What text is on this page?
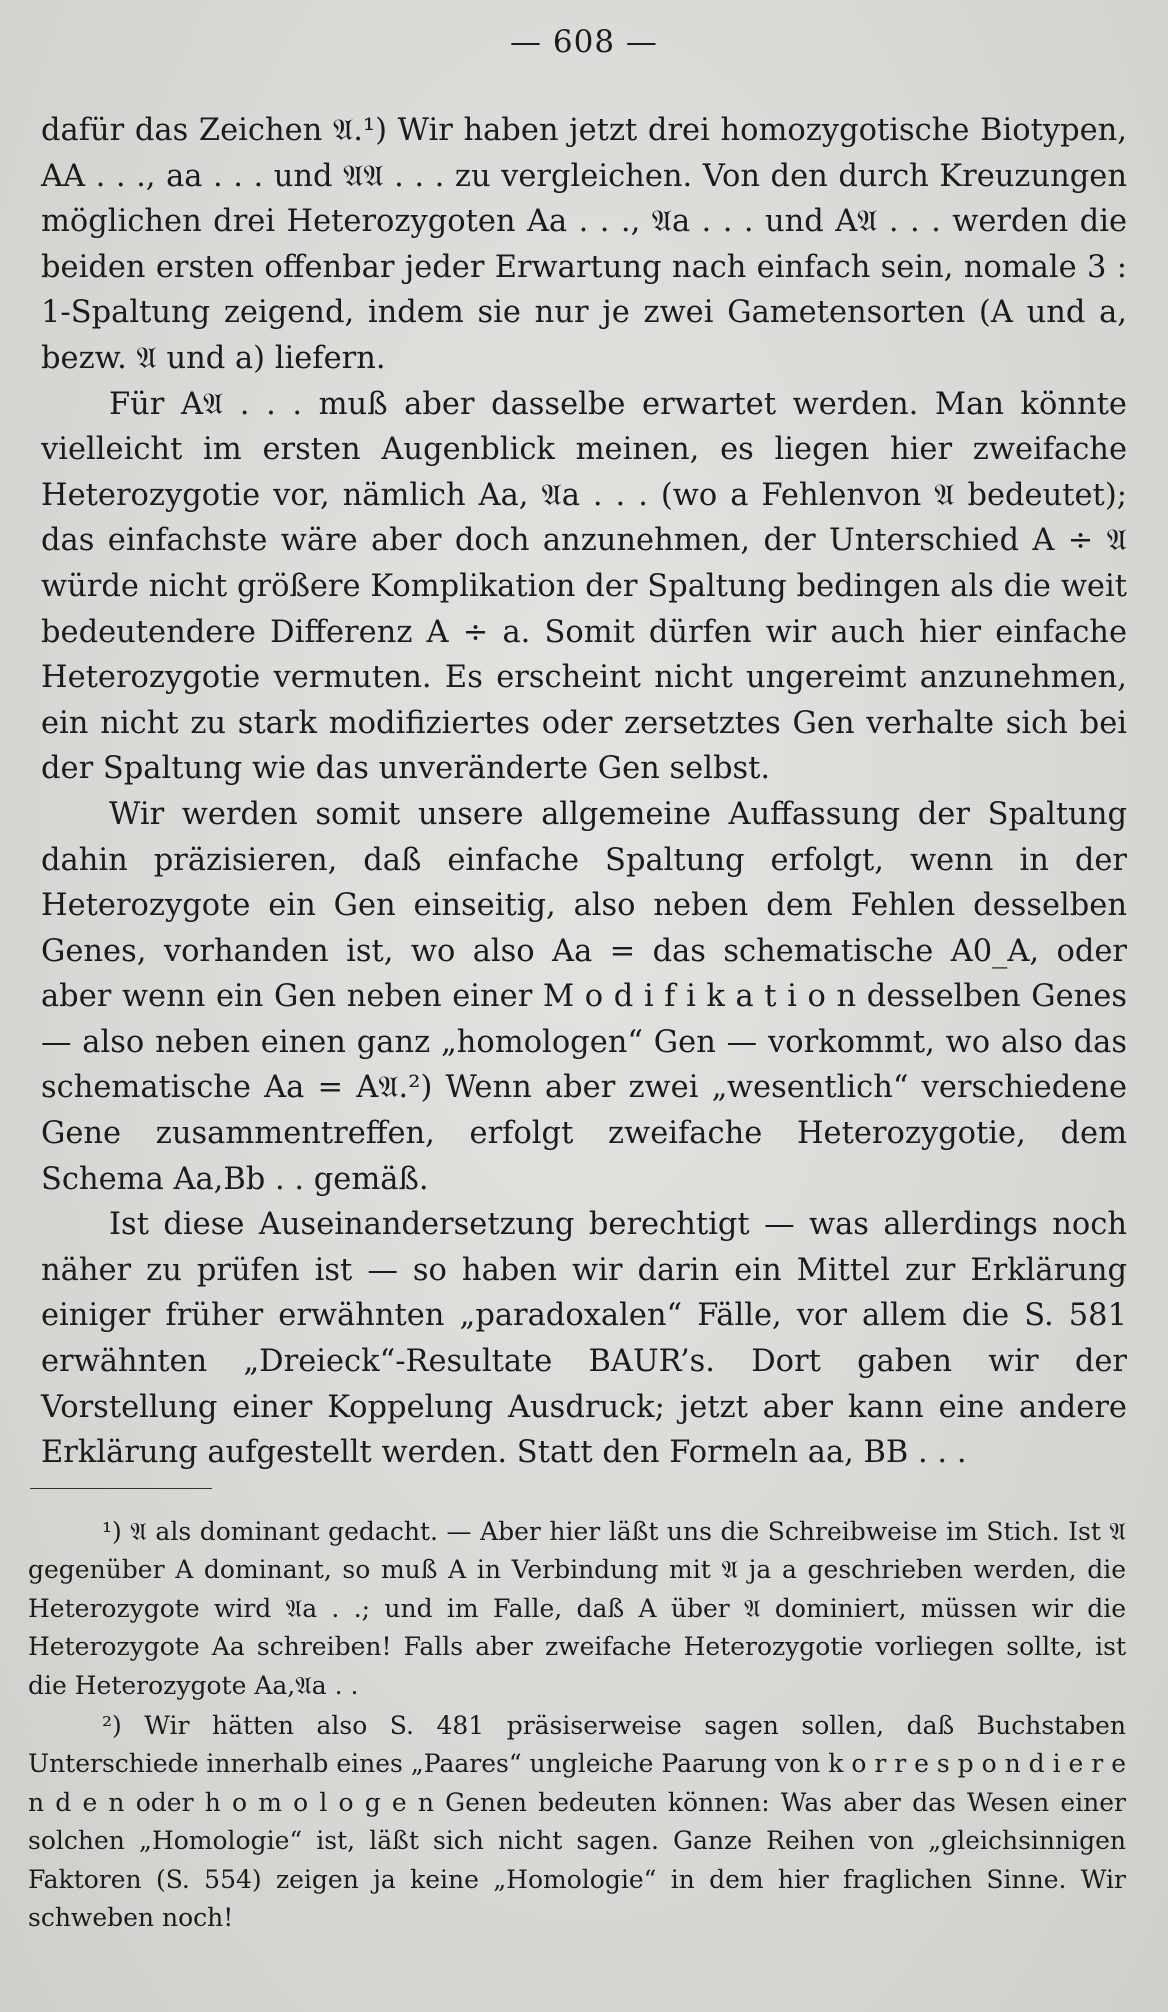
— 608 —

dafür das Zeichen 𝔄.¹) Wir haben jetzt drei homozygotische Biotypen, AA . . ., aa . . . und 𝔄𝔄 . . . zu vergleichen. Von den durch Kreuzungen möglichen drei Heterozygoten Aa . . ., 𝔄a . . . und A𝔄 . . . werden die beiden ersten offenbar jeder Erwartung nach einfach sein, nomale 3 : 1-Spaltung zeigend, indem sie nur je zwei Gametensorten (A und a, bezw. 𝔄 und a) liefern.

Für A𝔄 . . . muß aber dasselbe erwartet werden. Man könnte vielleicht im ersten Augenblick meinen, es liegen hier zweifache Heterozygotie vor, nämlich Aa, 𝔄a . . . (wo a Fehlenvon 𝔄 bedeutet); das einfachste wäre aber doch anzunehmen, der Unterschied A ÷ 𝔄 würde nicht größere Komplikation der Spaltung bedingen als die weit bedeutendere Differenz A ÷ a. Somit dürfen wir auch hier einfache Heterozygotie vermuten. Es erscheint nicht ungereimt anzunehmen, ein nicht zu stark modifiziertes oder zersetztes Gen verhalte sich bei der Spaltung wie das unveränderte Gen selbst.

Wir werden somit unsere allgemeine Auffassung der Spaltung dahin präzisieren, daß einfache Spaltung erfolgt, wenn in der Heterozygote ein Gen einseitig, also neben dem Fehlen desselben Genes, vorhanden ist, wo also Aa = das schematische A0_A, oder aber wenn ein Gen neben einer M o d i f i k a t i o n desselben Genes — also neben einen ganz „homologen“ Gen — vorkommt, wo also das schematische Aa = A𝔄.²) Wenn aber zwei „wesentlich“ verschiedene Gene zusammentreffen, erfolgt zweifache Heterozygotie, dem Schema Aa,Bb . . gemäß.

Ist diese Auseinandersetzung berechtigt — was allerdings noch näher zu prüfen ist — so haben wir darin ein Mittel zur Erklärung einiger früher erwähnten „paradoxalen“ Fälle, vor allem die S. 581 erwähnten „Dreieck“-Resultate BAUR’s. Dort gaben wir der Vorstellung einer Koppelung Ausdruck; jetzt aber kann eine andere Erklärung aufgestellt werden. Statt den Formeln aa, BB . . .

¹) 𝔄 als dominant gedacht. — Aber hier läßt uns die Schreibweise im Stich. Ist 𝔄 gegenüber A dominant, so muß A in Verbindung mit 𝔄 ja a geschrieben werden, die Heterozygote wird 𝔄a . .; und im Falle, daß A über 𝔄 dominiert, müssen wir die Heterozygote Aa schreiben! Falls aber zweifache Heterozygotie vorliegen sollte, ist die Heterozygote Aa,𝔄a . .

²) Wir hätten also S. 481 präsiserweise sagen sollen, daß Buchstaben Unterschiede innerhalb eines „Paares“ ungleiche Paarung von k o r r e s p o n d i e r e n d e n oder h o m o l o g e n Genen bedeuten können: Was aber das Wesen einer solchen „Homologie“ ist, läßt sich nicht sagen. Ganze Reihen von „gleichsinnigen Faktoren (S. 554) zeigen ja keine „Homologie“ in dem hier fraglichen Sinne. Wir schweben noch!
